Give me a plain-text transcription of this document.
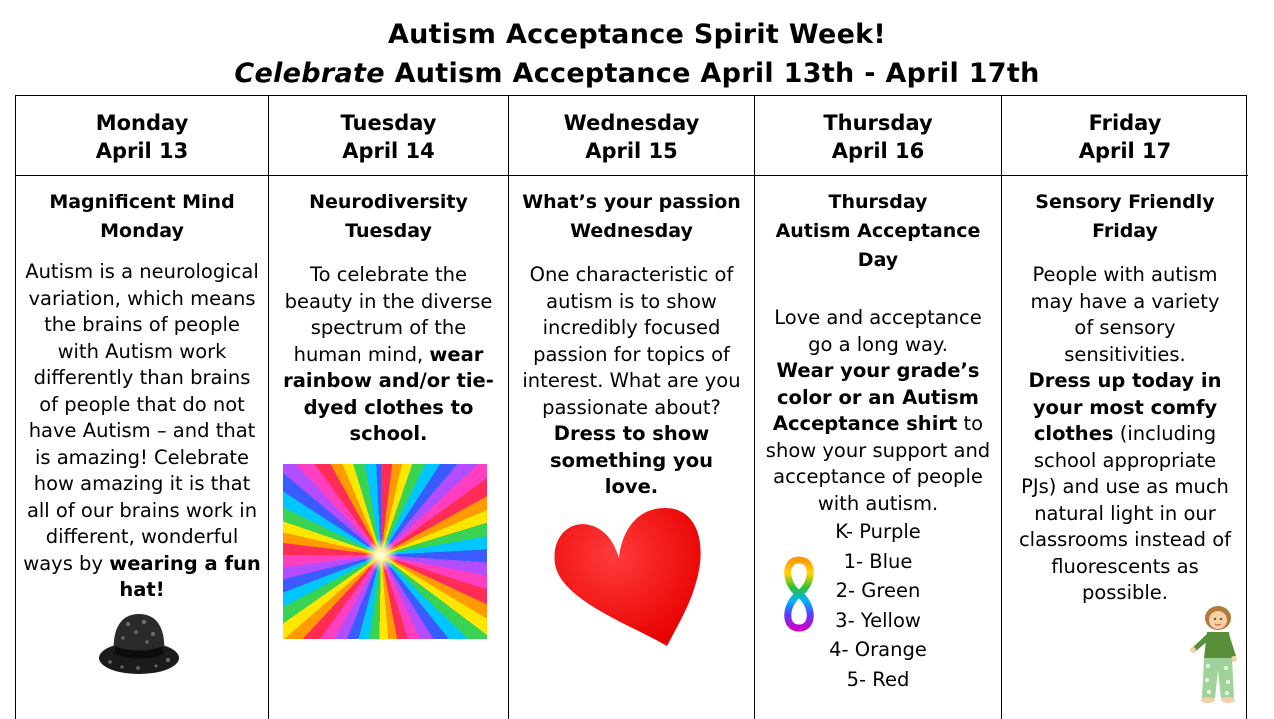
Autism Acceptance Spirit Week!
Celebrate Autism Acceptance April 13th - April 17th
Monday
April 13
Magnificent Mind
Monday
Autism is a neurological variation, which means the brains of people with Autism work differently than brains of people that do not have Autism – and that is amazing! Celebrate how amazing it is that all of our brains work in different, wonderful ways by wearing a fun hat!
Tuesday
April 14
Neurodiversity
Tuesday
To celebrate the beauty in the diverse spectrum of the human mind, wear rainbow and/or tie-dyed clothes to school.
Wednesday
April 15
What’s your passion
Wednesday
One characteristic of autism is to show incredibly focused passion for topics of interest. What are you passionate about?
Dress to show something you love.
Thursday
April 16
Thursday
Autism Acceptance
Day
Love and acceptance go a long way.
Wear your grade’s color or an Autism Acceptance shirt to show your support and acceptance of people with autism.
K- Purple
1- Blue
2- Green
3- Yellow
4- Orange
5- Red
Friday
April 17
Sensory Friendly
Friday
People with autism may have a variety of sensory sensitivities.
Dress up today in your most comfy clothes (including school appropriate PJs) and use as much natural light in our classrooms instead of fluorescents as possible.
